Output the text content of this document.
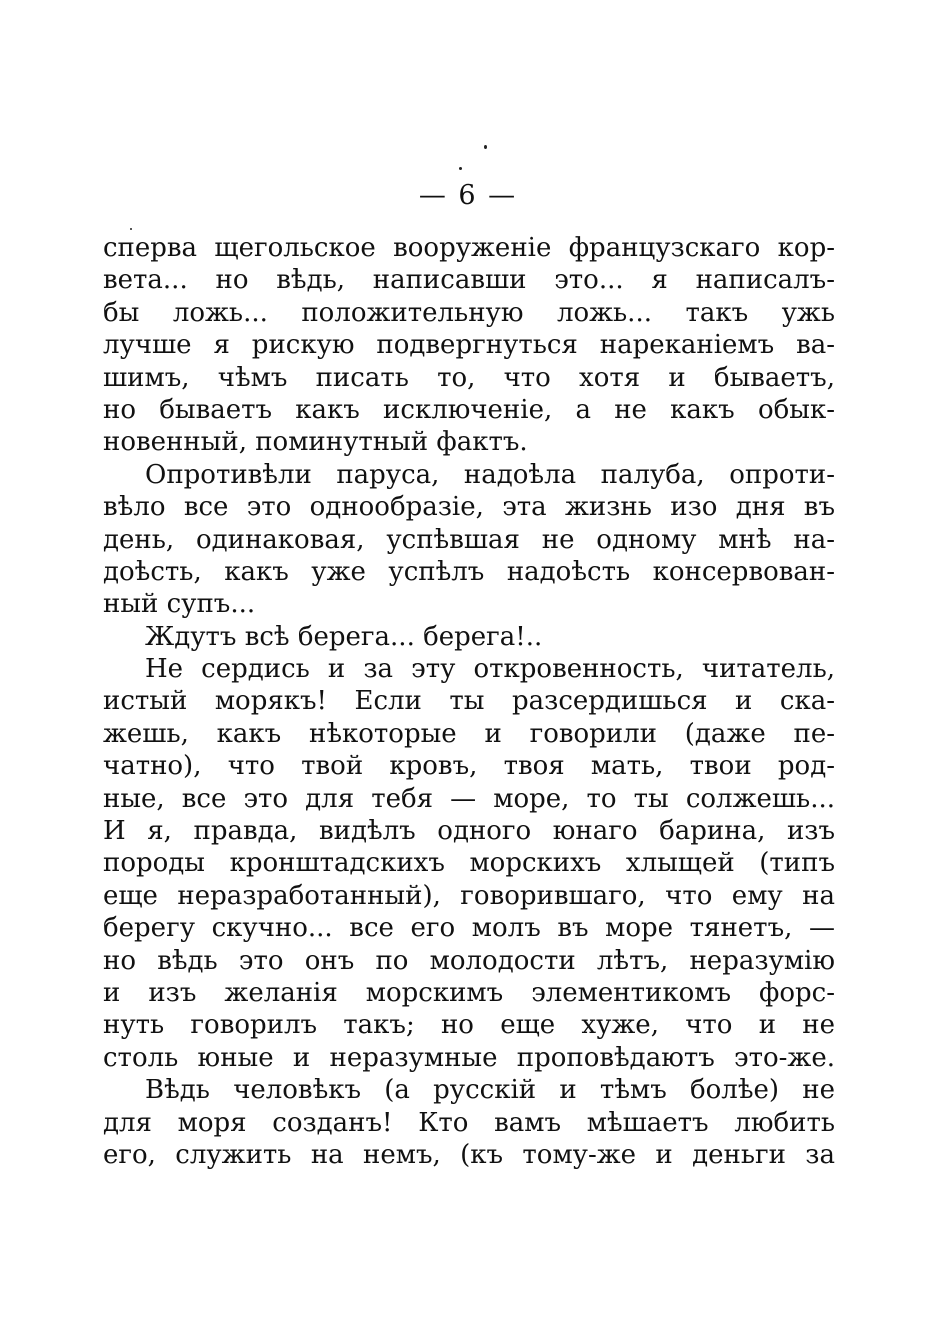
— 6 —
сперва щегольское вооруженіе французскаго кор-
вета... но вѣдь, написавши это... я написалъ-
бы ложь... положительную ложь... такъ ужь
лучше я рискую подвергнуться нареканіемъ ва-
шимъ, чѣмъ писать то, что хотя и бываетъ,
но бываетъ какъ исключеніе, а не какъ обык-
новенный, поминутный фактъ.
Опротивѣли паруса, надоѣла палуба, опроти-
вѣло все это однообразіе, эта жизнь изо дня въ
день, одинаковая, успѣвшая не одному мнѣ на-
доѣсть, какъ уже успѣлъ надоѣсть консервован-
ный супъ...
Ждутъ всѣ берега... берега!..
Не сердись и за эту откровенность, читатель,
истый морякъ! Если ты разсердишься и ска-
жешь, какъ нѣкоторые и говорили (даже пе-
чатно), что твой кровъ, твоя мать, твои род-
ные, все это для тебя — море, то ты солжешь...
И я, правда, видѣлъ одного юнаго барина, изъ
породы кронштадскихъ морскихъ хлыщей (типъ
еще неразработанный), говорившаго, что ему на
берегу скучно... все его молъ въ море тянетъ, —
но вѣдь это онъ по молодости лѣтъ, неразумію
и изъ желанія морскимъ элементикомъ форс-
нуть говорилъ такъ; но еще хуже, что и не
столь юные и неразумные проповѣдаютъ это-же.
Вѣдь человѣкъ (а русскій и тѣмъ болѣе) не
для моря созданъ! Кто вамъ мѣшаетъ любить
его, служить на немъ, (къ тому-же и деньги за
